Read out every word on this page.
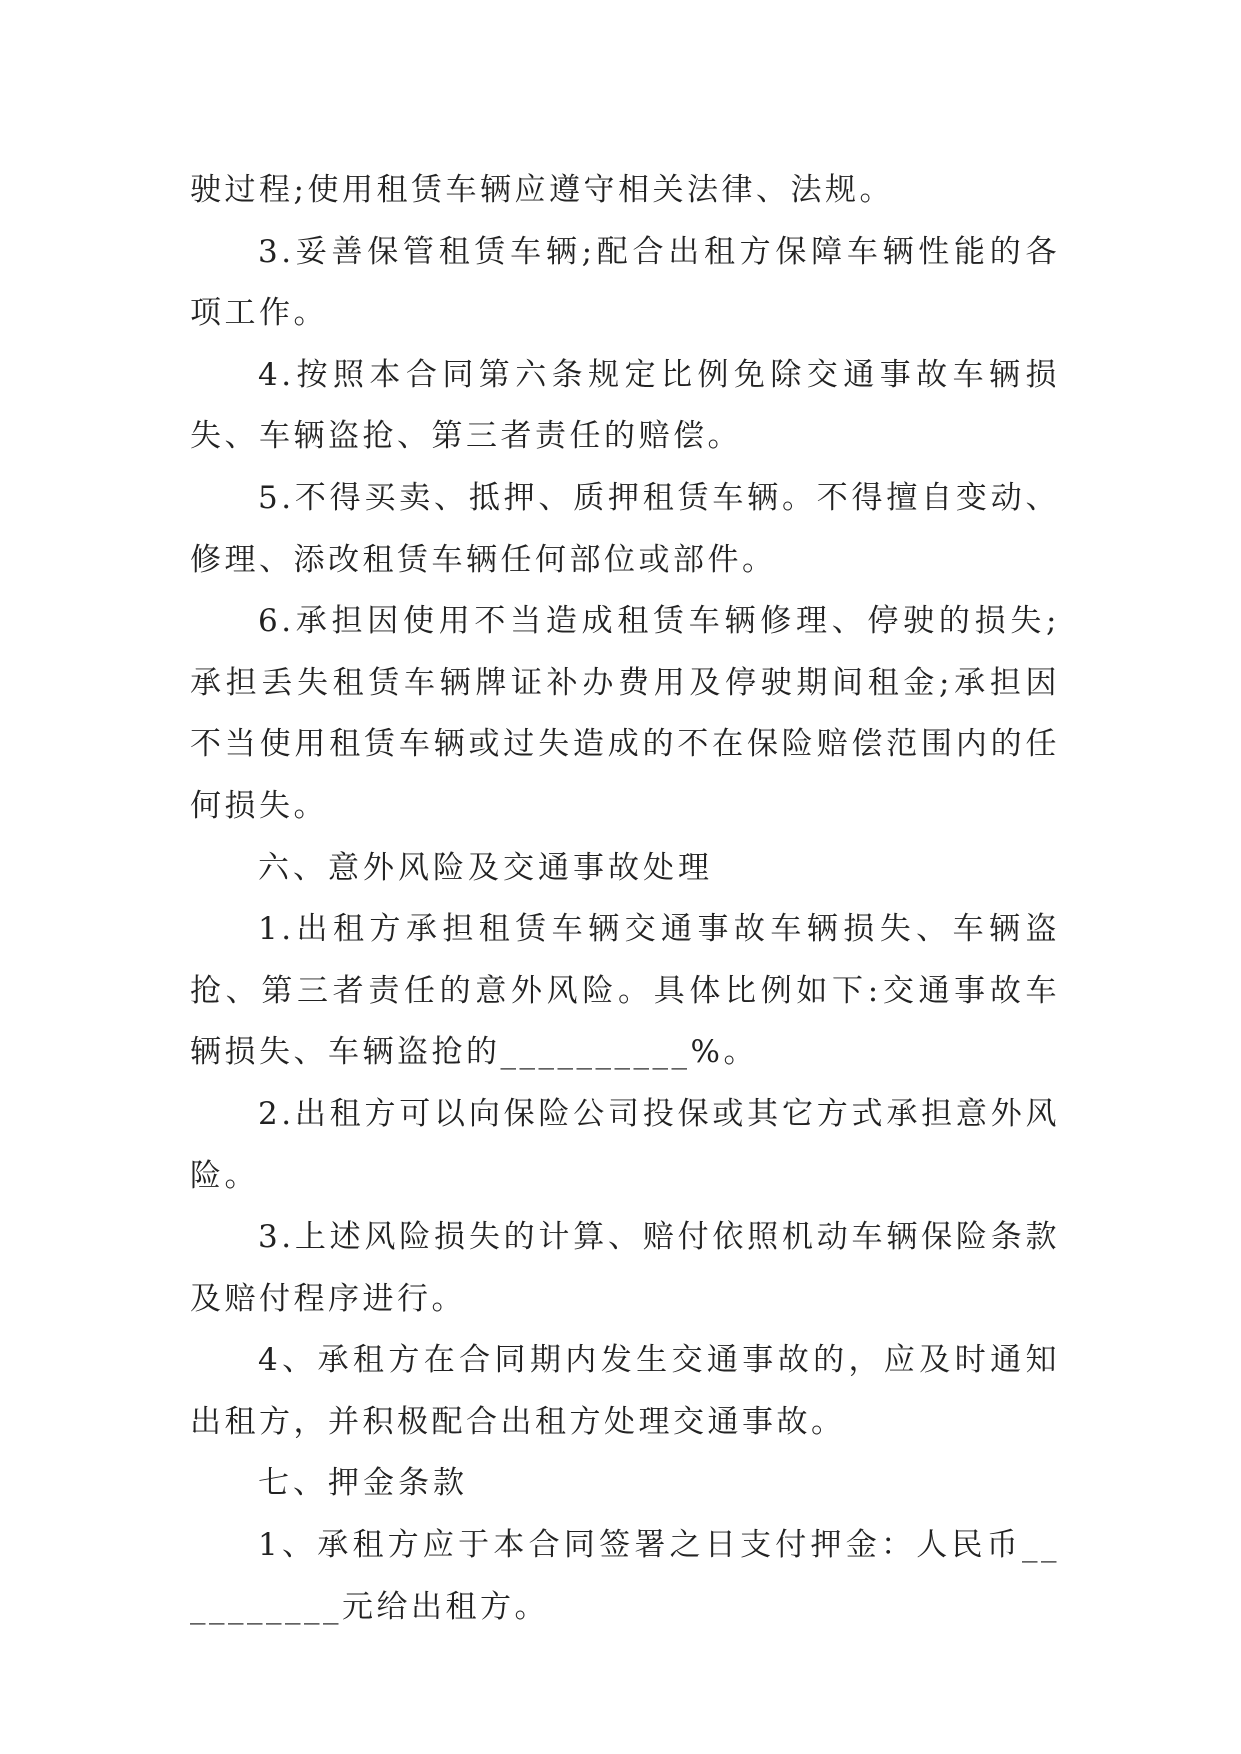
驶过程;使用租赁车辆应遵守相关法律、法规。

3.妥善保管租赁车辆;配合出租方保障车辆性能的各项工作。

4.按照本合同第六条规定比例免除交通事故车辆损失、车辆盗抢、第三者责任的赔偿。

5.不得买卖、抵押、质押租赁车辆。不得擅自变动、修理、添改租赁车辆任何部位或部件。

6.承担因使用不当造成租赁车辆修理、停驶的损失;承担丢失租赁车辆牌证补办费用及停驶期间租金;承担因不当使用租赁车辆或过失造成的不在保险赔偿范围内的任何损失。

六、意外风险及交通事故处理

1.出租方承担租赁车辆交通事故车辆损失、车辆盗抢、第三者责任的意外风险。具体比例如下:交通事故车辆损失、车辆盗抢的__________%。

2.出租方可以向保险公司投保或其它方式承担意外风险。

3.上述风险损失的计算、赔付依照机动车辆保险条款及赔付程序进行。

4、承租方在合同期内发生交通事故的，应及时通知出租方，并积极配合出租方处理交通事故。

七、押金条款

1、承租方应于本合同签署之日支付押金：人民币__________元给出租方。
